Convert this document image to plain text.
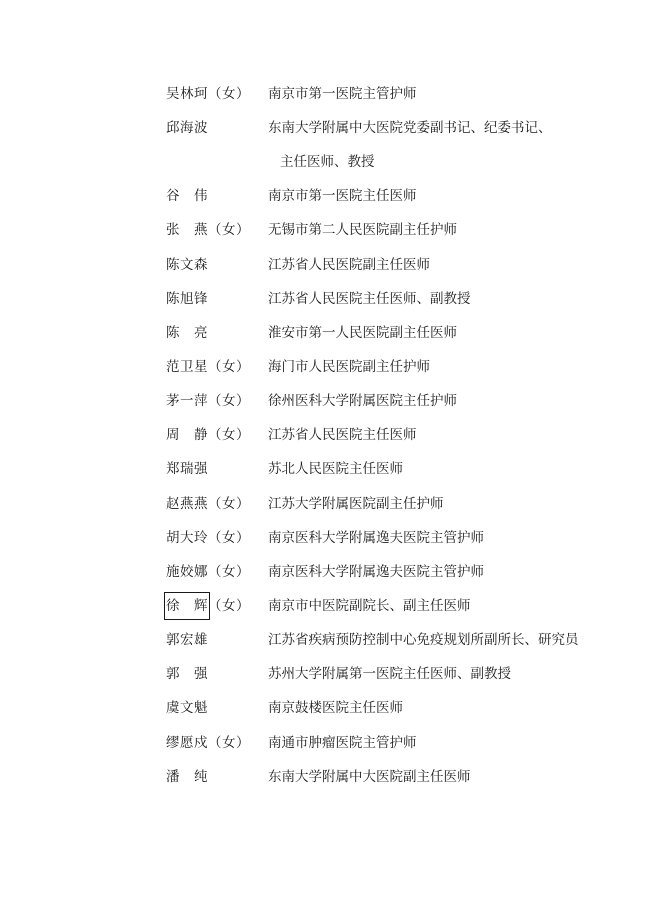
吴林珂（女） 南京市第一医院主管护师
邱海波	东南大学附属中大医院党委副书记、纪委书记、
主任医师、教授
谷　伟	南京市第一医院主任医师
张　燕（女） 无锡市第二人民医院副主任护师
陈文森	江苏省人民医院副主任医师
陈旭锋	江苏省人民医院主任医师、副教授
陈　亮	淮安市第一人民医院副主任医师
范卫星（女） 海门市人民医院副主任护师
茅一萍（女） 徐州医科大学附属医院主任护师
周　静（女） 江苏省人民医院主任医师
郑瑞强	苏北人民医院主任医师
赵燕燕（女） 江苏大学附属医院副主任护师
胡大玲（女） 南京医科大学附属逸夫医院主管护师
施姣娜（女） 南京医科大学附属逸夫医院主管护师
徐　辉（女） 南京市中医院副院长、副主任医师
郭宏雄	江苏省疾病预防控制中心免疫规划所副所长、研究员
郭　强	苏州大学附属第一医院主任医师、副教授
虞文魁	南京鼓楼医院主任医师
缪愿戍（女） 南通市肿瘤医院主管护师
潘　纯	东南大学附属中大医院副主任医师
